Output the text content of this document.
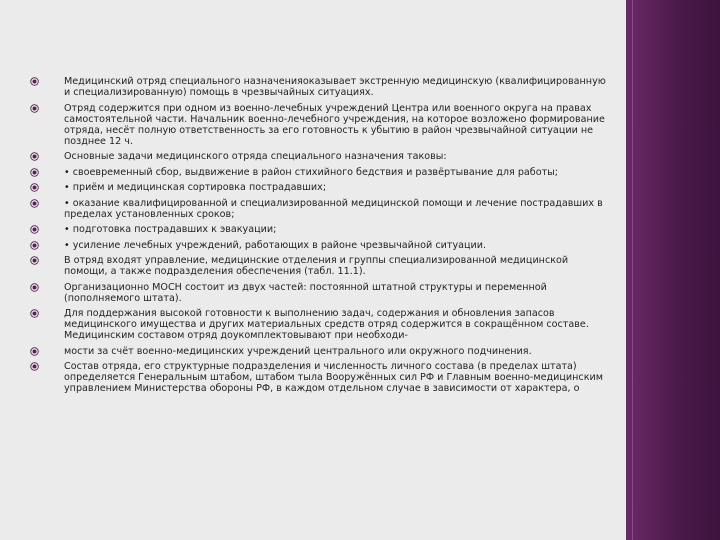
Медицинский отряд специального назначенияоказывает экстренную медицинскую (квалифицированную и специализированную) помощь в чрезвычайных ситуациях.
Отряд содержится при одном из военно-лечебных учреждений Центра или военного округа на правах самостоятельной части. Начальник военно-лечебного учреждения, на которое возложено формирование отряда, несёт полную ответственность за его готовность к убытию в район чрезвычайной ситуации не позднее 12 ч.
Основные задачи медицинского отряда специального назначения таковы:
• своевременный сбор, выдвижение в район стихийного бедствия и развёртывание для работы;
• приём и медицинская сортировка пострадавших;
• оказание квалифицированной и специализированной медицинской помощи и лечение пострадавших в пределах установленных сроков;
• подготовка пострадавших к эвакуации;
• усиление лечебных учреждений, работающих в районе чрезвычайной ситуации.
В отряд входят управление, медицинские отделения и группы специализированной медицинской помощи, а также подразделения обеспечения (табл. 11.1).
Организационно МОСН состоит из двух частей: постоянной штатной структуры и переменной (пополняемого штата).
Для поддержания высокой готовности к выполнению задач, содержания и обновления запасов медицинского имущества и других материальных средств отряд содержится в сокращённом составе. Медицинским составом отряд доукомплектовывают при необходи-
мости за счёт военно-медицинских учреждений центрального или окружного подчинения.
Состав отряда, его структурные подразделения и численность личного состава (в пределах штата) определяется Генеральным штабом, штабом тыла Вооружённых сил РФ и Главным военно-медицинским управлением Министерства обороны РФ, в каждом отдельном случае в зависимости от характера, о
